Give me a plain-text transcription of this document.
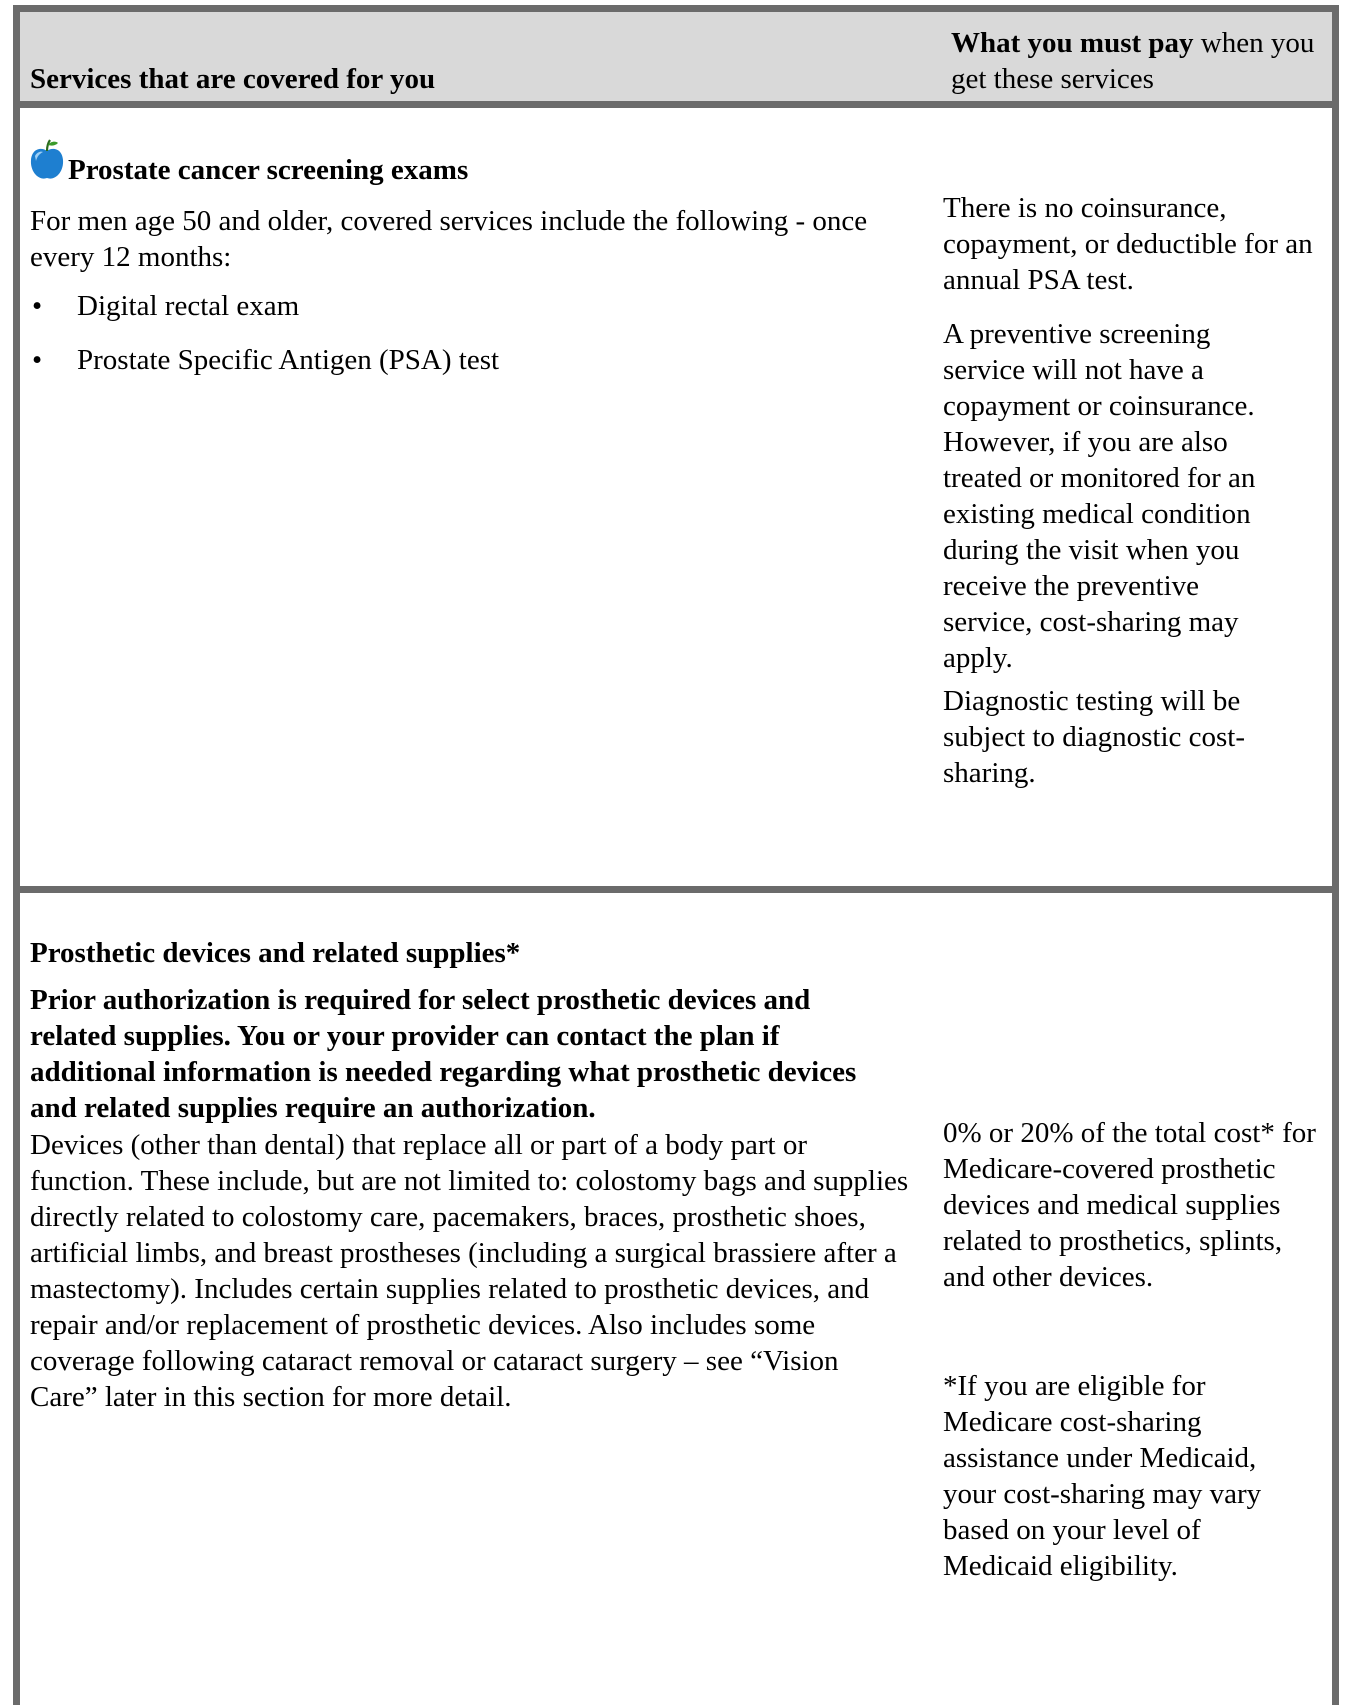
Services that are covered for you
What you must pay when you get these services
Prostate cancer screening exams
For men age 50 and older, covered services include the following - once every 12 months:
• Digital rectal exam
• Prostate Specific Antigen (PSA) test
There is no coinsurance, copayment, or deductible for an annual PSA test.
A preventive screening service will not have a copayment or coinsurance. However, if you are also treated or monitored for an existing medical condition during the visit when you receive the preventive service, cost-sharing may apply.
Diagnostic testing will be subject to diagnostic cost-sharing.
Prosthetic devices and related supplies*
Prior authorization is required for select prosthetic devices and related supplies. You or your provider can contact the plan if additional information is needed regarding what prosthetic devices and related supplies require an authorization.
Devices (other than dental) that replace all or part of a body part or function. These include, but are not limited to: colostomy bags and supplies directly related to colostomy care, pacemakers, braces, prosthetic shoes, artificial limbs, and breast prostheses (including a surgical brassiere after a mastectomy). Includes certain supplies related to prosthetic devices, and repair and/or replacement of prosthetic devices. Also includes some coverage following cataract removal or cataract surgery – see “Vision Care” later in this section for more detail.
0% or 20% of the total cost* for Medicare-covered prosthetic devices and medical supplies related to prosthetics, splints, and other devices.
*If you are eligible for Medicare cost-sharing assistance under Medicaid, your cost-sharing may vary based on your level of Medicaid eligibility.
